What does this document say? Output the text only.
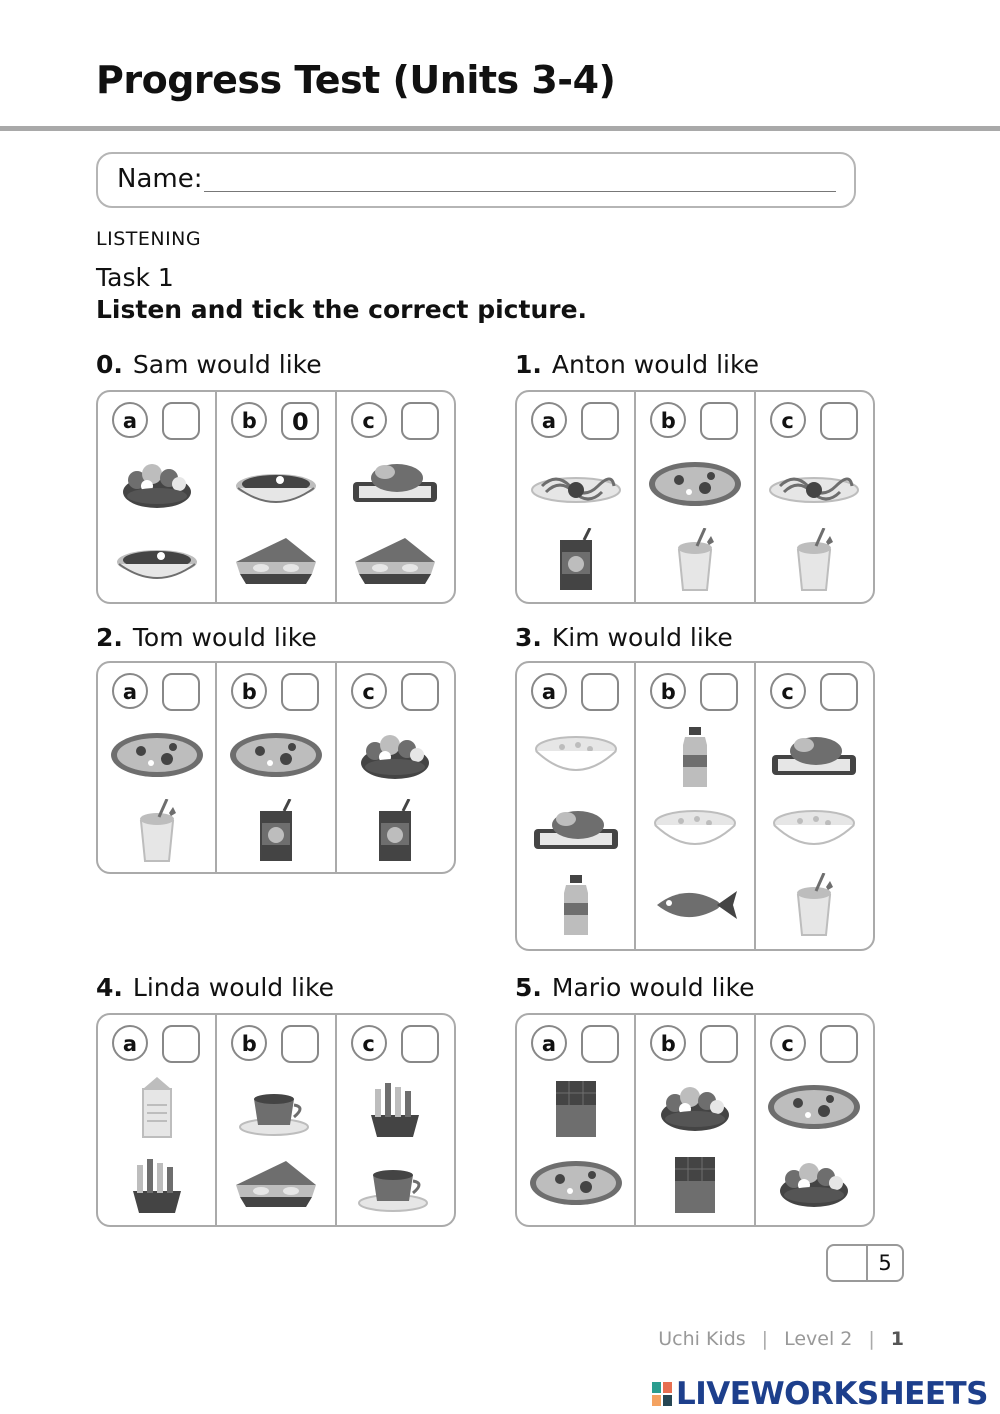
Progress Test (Units 3-4)
Name:
LISTENING
Task 1
Listen and tick the correct picture.
0. Sam would like
a	b	0	c
1. Anton would like
a	b	c
2. Tom would like
a	b	c
3. Kim would like
a	b	c
4. Linda would like
a	b	c
5. Mario would like
a	b	c
5
Uchi Kids | Level 2 | 1
LIVEWORKSHEETS
